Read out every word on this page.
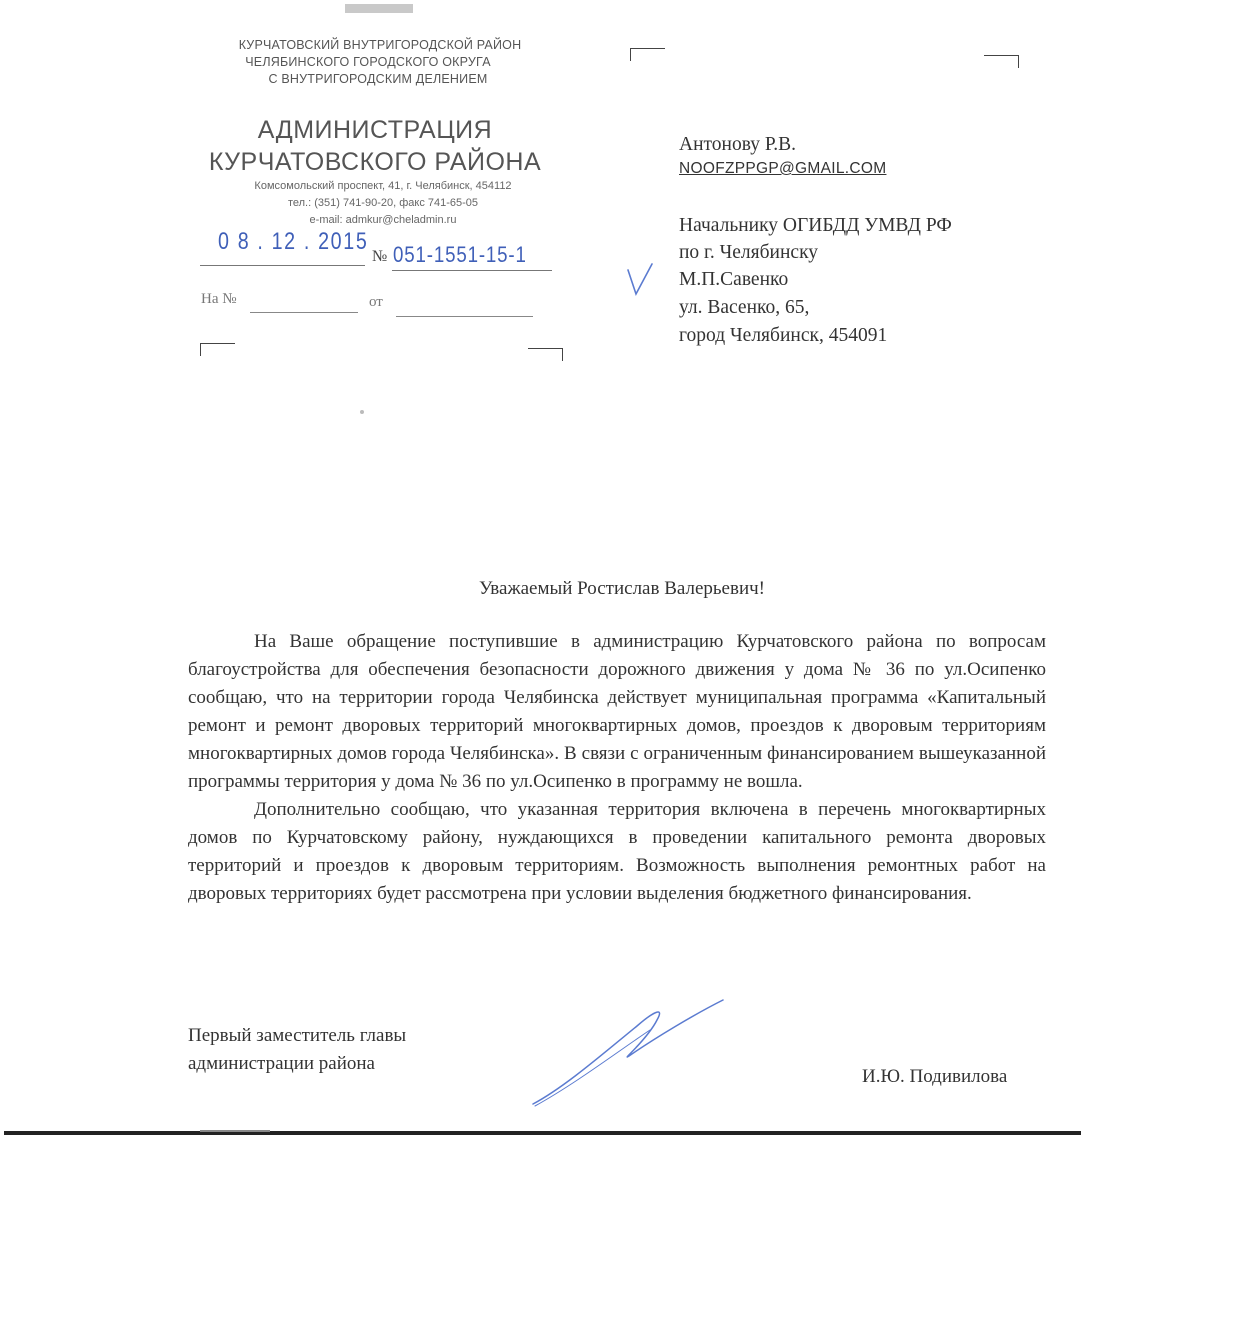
КУРЧАТОВСКИЙ ВНУТРИГОРОДСКОЙ РАЙОН
ЧЕЛЯБИНСКОГО ГОРОДСКОГО ОКРУГА
С ВНУТРИГОРОДСКИМ ДЕЛЕНИЕМ
АДМИНИСТРАЦИЯ
КУРЧАТОВСКОГО РАЙОНА
Комсомольский проспект, 41, г. Челябинск, 454112
тел.: (351) 741-90-20, факс 741-65-05
e-mail: admkur@cheladmin.ru
0 8 . 12 . 2015
№ 051-1551-15-1
На №	от
Антонову Р.В.
NOOFZPPGP@GMAIL.COM
Начальнику ОГИБДД УМВД РФ
по г. Челябинску
М.П.Савенко
ул. Васенко, 65,
город Челябинск, 454091
Уважаемый Ростислав Валерьевич!

На Ваше обращение поступившие в администрацию Курчатовского района по вопросам благоустройства для обеспечения безопасности дорожного движения у дома № 36 по ул.Осипенко сообщаю, что на территории города Челябинска действует муниципальная программа «Капитальный ремонт и ремонт дворовых территорий многоквартирных домов, проездов к дворовым территориям многоквартирных домов города Челябинска». В связи с ограниченным финансированием вышеуказанной программы территория у дома № 36 по ул.Осипенко в программу не вошла.

Дополнительно сообщаю, что указанная территория включена в перечень многоквартирных домов по Курчатовскому району, нуждающихся в проведении капитального ремонта дворовых территорий и проездов к дворовым территориям. Возможность выполнения ремонтных работ на дворовых территориях будет рассмотрена при условии выделения бюджетного финансирования.

Первый заместитель главы
администрации района
И.Ю. Подивилова
